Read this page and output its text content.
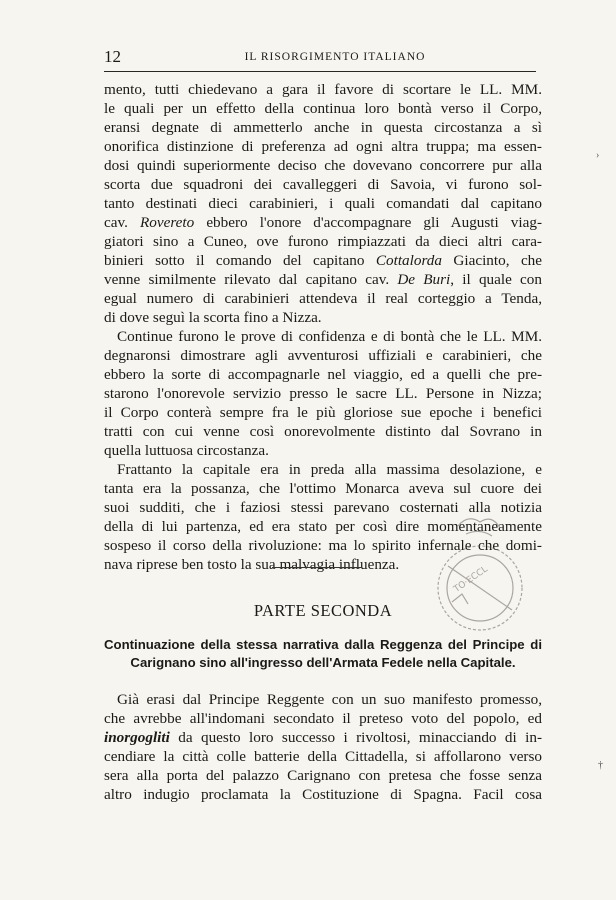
12	IL RISORGIMENTO ITALIANO
mento, tutti chiedevano a gara il favore di scortare le LL. MM.
le quali per un effetto della continua loro bontà verso il Corpo,
eransi degnate di ammetterlo anche in questa circostanza a sì
onorifica distinzione di preferenza ad ogni altra truppa; ma essen-
dosi quindi superiormente deciso che dovevano concorrere pur alla
scorta due squadroni dei cavalleggeri di Savoia, vi furono sol-
tanto destinati dieci carabinieri, i quali comandati dal capitano
cav. Roveretо ebbero l'onore d'accompagnare gli Augusti viag-
giatori sino a Cuneo, ove furono rimpiazzati da dieci altri cara-
binieri sotto il comando del capitano Cottalorda Giacinto, che
venne similmente rilevato dal capitano cav. De Buri, il quale con
egual numero di carabinieri attendeva il real corteggio a Tenda,
di dove seguì la scorta fino a Nizza.
Continue furono le prove di confidenza e di bontà che le LL. MM.
degnaronsi dimostrare agli avventurosi uffiziali e carabinieri, che
ebbero la sorte di accompagnarle nel viaggio, ed a quelli che pre-
starono l'onorevole servizio presso le sacre LL. Persone in Nizza;
il Corpo conterà sempre fra le più gloriose sue epoche i benefici
tratti con cui venne così onorevolmente distinto dal Sovrano in
quella luttuosa circostanza.
Frattanto la capitale era in preda alla massima desolazione, e
tanta era la possanza, che l'ottimo Monarca aveva sul cuore dei
suoi sudditi, che i faziosi stessi parevano costernati alla notizia
della di lui partenza, ed era stato per così dire momentaneamente
sospeso il corso della rivoluzione: ma lo spirito infernale che domi-
nava riprese ben tosto la sua malvagia influenza.	TO·ECCL
PARTE SECONDA
Continuazione della stessa narrativa dalla Reggenza del Principe di
Carignano sino all'ingresso dell'Armata Fedele nella Capitale.
Già erasi dal Principe Reggente con un suo manifesto promesso,
che avrebbe all'indomani secondato il preteso voto del popolo, ed
inorgogliti da questo loro successo i rivoltosi, minacciando di in-
cendiare la città colle batterie della Cittadella, si affollarono verso
sera alla porta del palazzo Carignano con pretesa che fosse senza
altro indugio proclamata la Costituzione di Spagna. Facil cosa
›
†
